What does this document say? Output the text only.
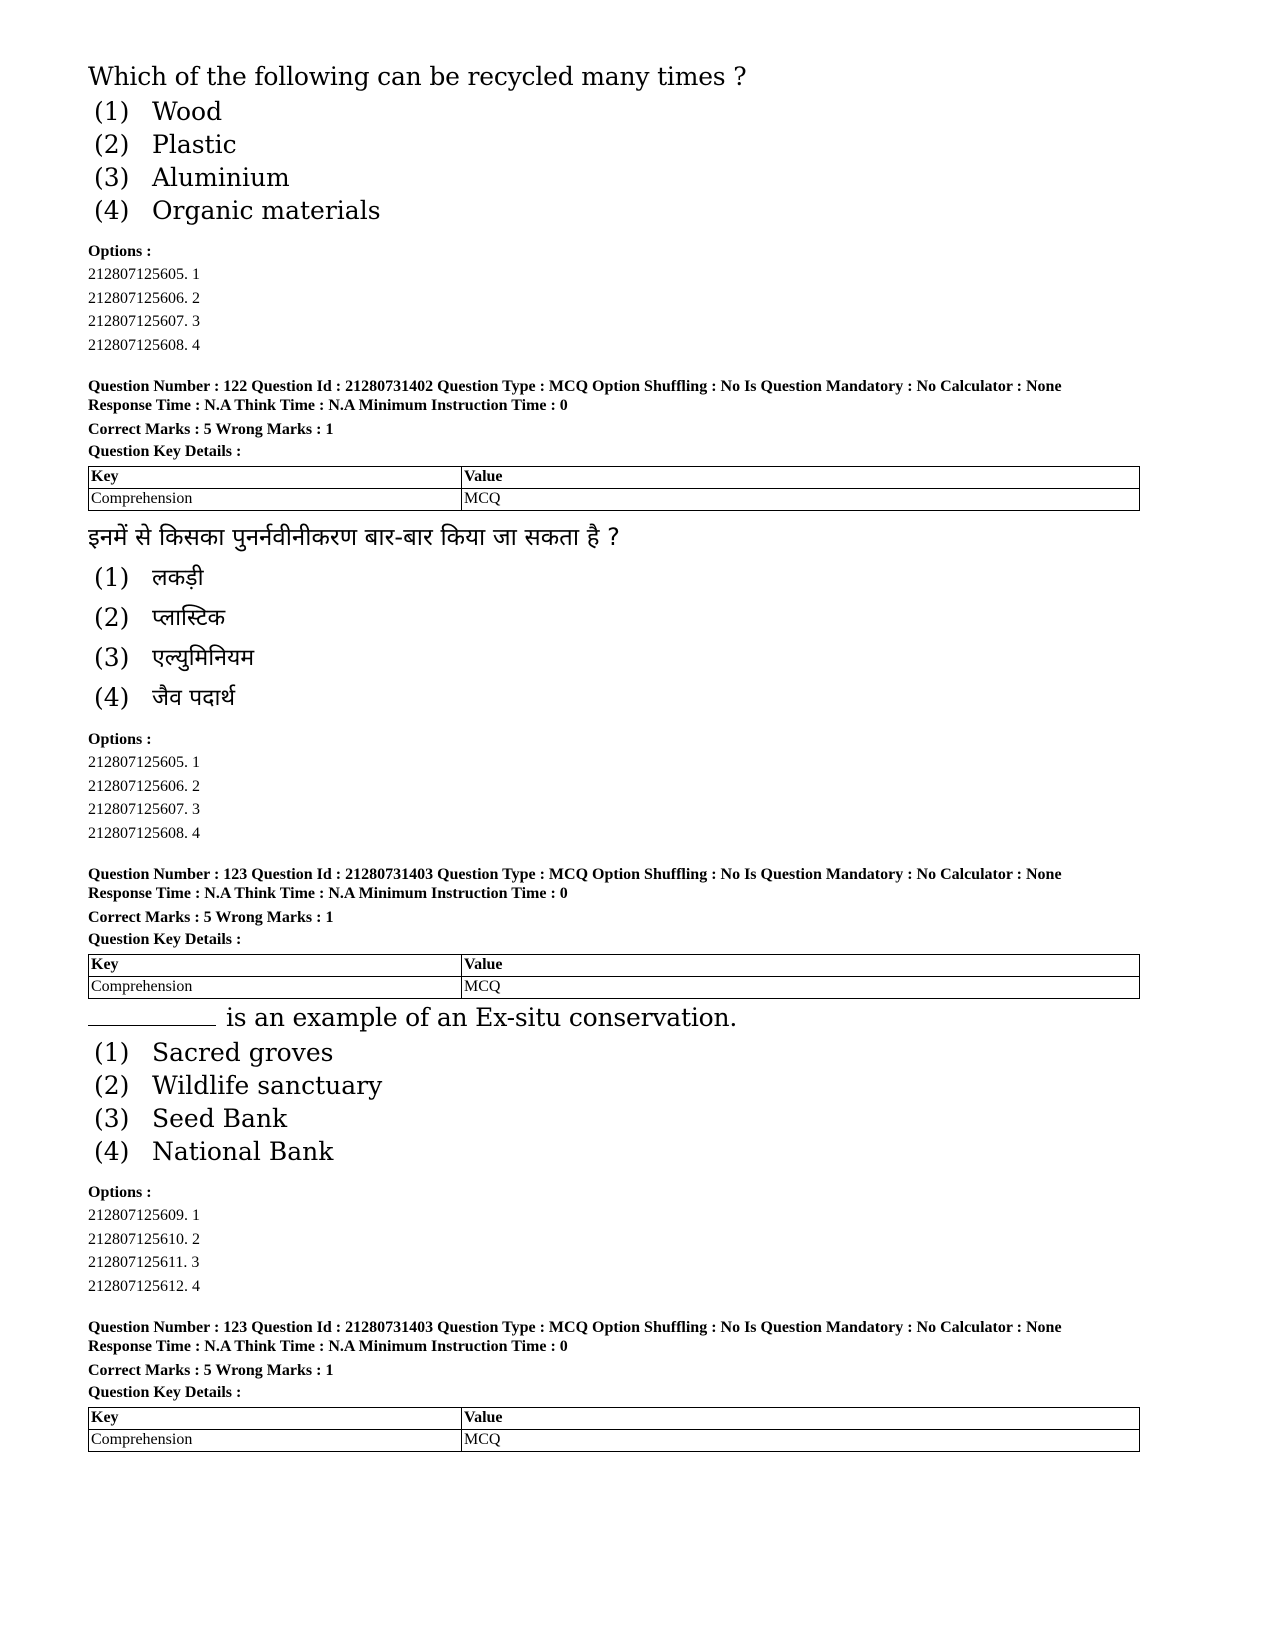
Which of the following can be recycled many times ?
(1) Wood
(2) Plastic
(3) Aluminium
(4) Organic materials
Options :
212807125605. 1
212807125606. 2
212807125607. 3
212807125608. 4
Question Number : 122 Question Id : 21280731402 Question Type : MCQ Option Shuffling : No Is Question Mandatory : No Calculator : None
Response Time : N.A Think Time : N.A Minimum Instruction Time : 0
Correct Marks : 5 Wrong Marks : 1
Question Key Details :
Key	Value
Comprehension	MCQ
इनमें से किसका पुनर्नवीनीकरण बार-बार किया जा सकता है ?
(1) लकड़ी
(2) प्लास्टिक
(3) एल्युमिनियम
(4) जैव पदार्थ
Options :
212807125605. 1
212807125606. 2
212807125607. 3
212807125608. 4
Question Number : 123 Question Id : 21280731403 Question Type : MCQ Option Shuffling : No Is Question Mandatory : No Calculator : None
Response Time : N.A Think Time : N.A Minimum Instruction Time : 0
Correct Marks : 5 Wrong Marks : 1
Question Key Details :
Key	Value
Comprehension	MCQ
is an example of an Ex-situ conservation.
(1) Sacred groves
(2) Wildlife sanctuary
(3) Seed Bank
(4) National Bank
Options :
212807125609. 1
212807125610. 2
212807125611. 3
212807125612. 4
Question Number : 123 Question Id : 21280731403 Question Type : MCQ Option Shuffling : No Is Question Mandatory : No Calculator : None
Response Time : N.A Think Time : N.A Minimum Instruction Time : 0
Correct Marks : 5 Wrong Marks : 1
Question Key Details :
Key	Value
Comprehension	MCQ
